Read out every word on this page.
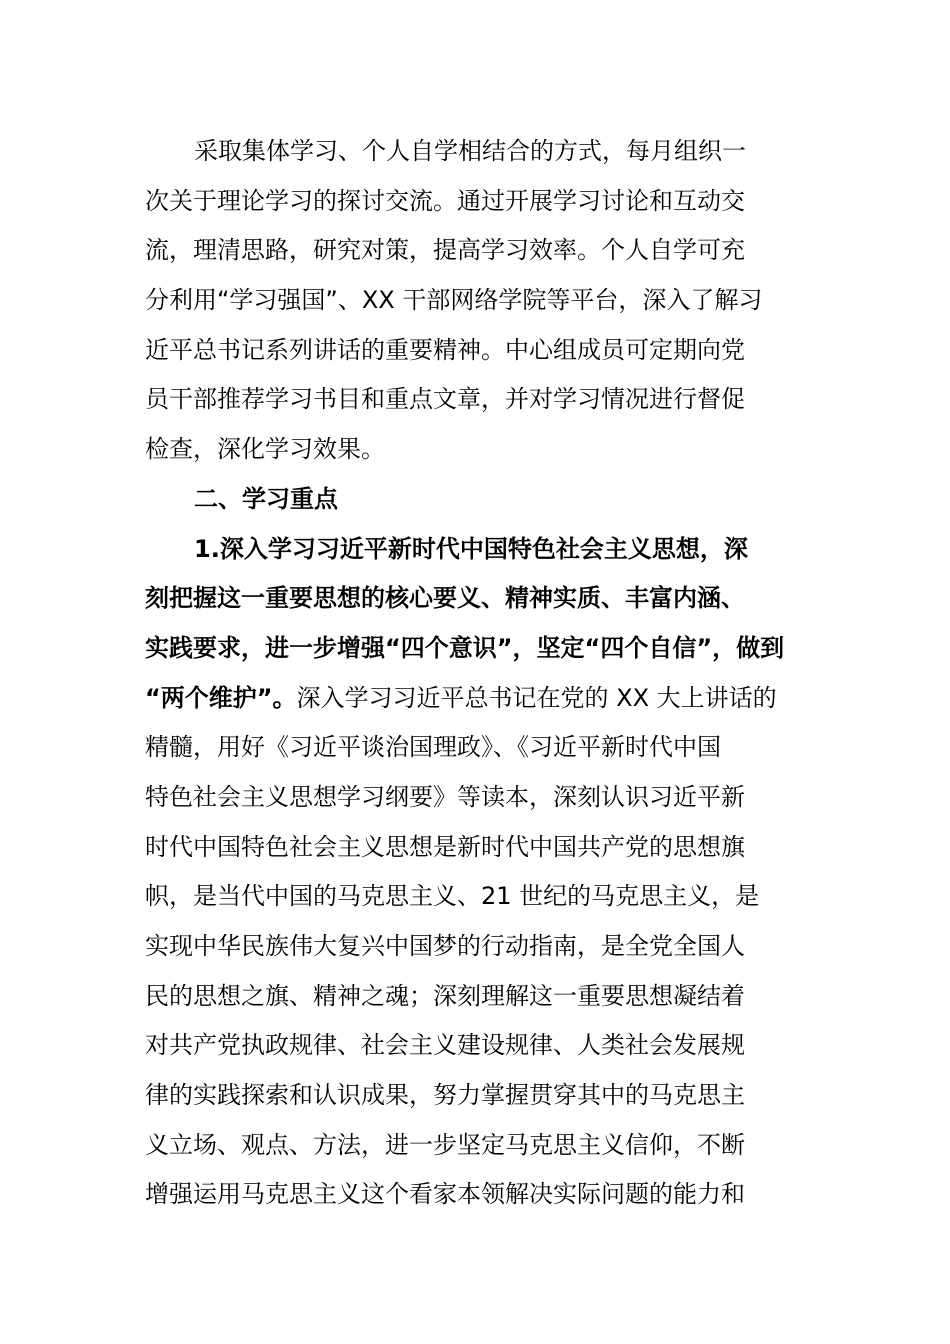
采取集体学习、个人自学相结合的方式，每月组织一
次关于理论学习的探讨交流。通过开展学习讨论和互动交
流，理清思路，研究对策，提高学习效率。个人自学可充
分利用“学习强国”、XX 干部网络学院等平台，深入了解习
近平总书记系列讲话的重要精神。中心组成员可定期向党
员干部推荐学习书目和重点文章，并对学习情况进行督促
检查，深化学习效果。
二、学习重点
1.深入学习习近平新时代中国特色社会主义思想，深
刻把握这一重要思想的核心要义、精神实质、丰富内涵、
实践要求，进一步增强“四个意识”，坚定“四个自信”，做到
“两个维护”。深入学习习近平总书记在党的 XX 大上讲话的
精髓，用好《习近平谈治国理政》、《习近平新时代中国
特色社会主义思想学习纲要》等读本，深刻认识习近平新
时代中国特色社会主义思想是新时代中国共产党的思想旗
帜，是当代中国的马克思主义、21 世纪的马克思主义，是
实现中华民族伟大复兴中国梦的行动指南，是全党全国人
民的思想之旗、精神之魂；深刻理解这一重要思想凝结着
对共产党执政规律、社会主义建设规律、人类社会发展规
律的实践探索和认识成果，努力掌握贯穿其中的马克思主
义立场、观点、方法，进一步坚定马克思主义信仰，不断
增强运用马克思主义这个看家本领解决实际问题的能力和
